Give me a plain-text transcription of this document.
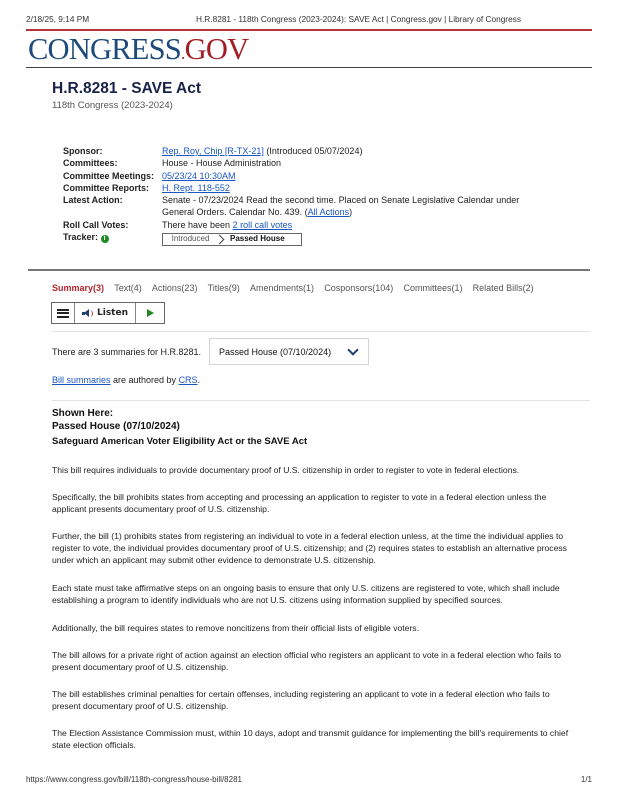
2/18/25, 9:14 PM	H.R.8281 - 118th Congress (2023-2024): SAVE Act | Congress.gov | Library of Congress
CONGRESS.GOV
H.R.8281 - SAVE Act
118th Congress (2023-2024)
Sponsor:	Rep. Roy, Chip [R-TX-21] (Introduced 05/07/2024)
Committees:	House - House Administration
Committee Meetings: 05/23/24 10:30AM
Committee Reports:	H. Rept. 118-552
Latest Action:	Senate - 07/23/2024 Read the second time. Placed on Senate Legislative Calendar under
General Orders. Calendar No. 439. (All Actions)
Roll Call Votes:	There have been 2 roll call votes
Tracker: i	Introduced	Passed House
Summary(3) Text(4) Actions(23) Titles(9) Amendments(1) Cosponsors(104) Committees(1) Related Bills(2)
Listen
There are 3 summaries for H.R.8281. Passed House (07/10/2024)
Bill summaries are authored by CRS.
Shown Here:
Passed House (07/10/2024)
Safeguard American Voter Eligibility Act or the SAVE Act

This bill requires individuals to provide documentary proof of U.S. citizenship in order to register to vote in federal elections.

Specifically, the bill prohibits states from accepting and processing an application to register to vote in a federal election unless the applicant presents documentary proof of U.S. citizenship.

Further, the bill (1) prohibits states from registering an individual to vote in a federal election unless, at the time the individual applies to register to vote, the individual provides documentary proof of U.S. citizenship; and (2) requires states to establish an alternative process under which an applicant may submit other evidence to demonstrate U.S. citizenship.

Each state must take affirmative steps on an ongoing basis to ensure that only U.S. citizens are registered to vote, which shall include establishing a program to identify individuals who are not U.S. citizens using information supplied by specified sources.

Additionally, the bill requires states to remove noncitizens from their official lists of eligible voters.

The bill allows for a private right of action against an election official who registers an applicant to vote in a federal election who fails to present documentary proof of U.S. citizenship.

The bill establishes criminal penalties for certain offenses, including registering an applicant to vote in a federal election who fails to present documentary proof of U.S. citizenship.

The Election Assistance Commission must, within 10 days, adopt and transmit guidance for implementing the bill's requirements to chief state election officials.

https://www.congress.gov/bill/118th-congress/house-bill/8281	1/1
